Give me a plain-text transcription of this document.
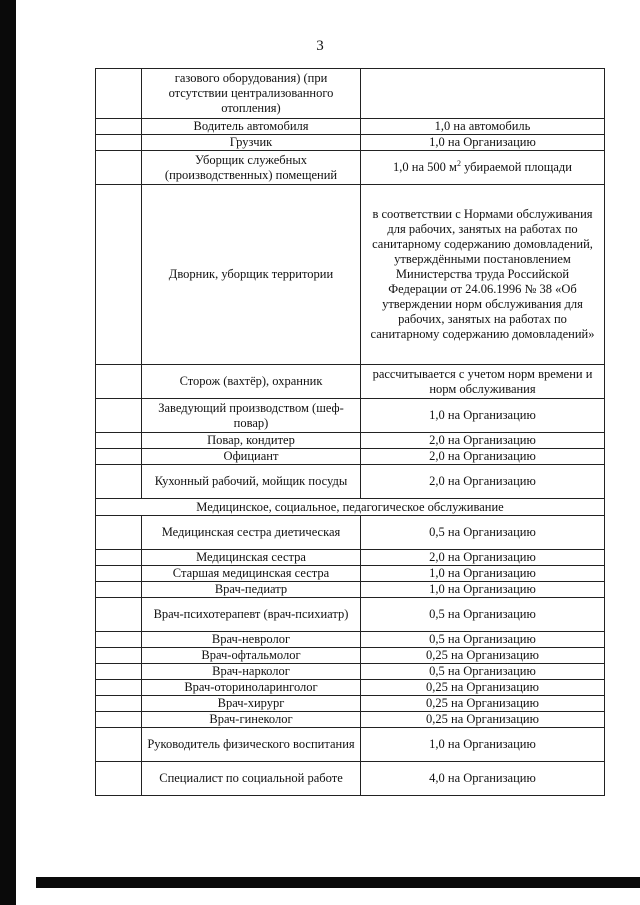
3
	газового оборудования) (при отсутствии централизованного отопления)	
	Водитель автомобиля	1,0 на автомобиль
	Грузчик	1,0 на Организацию
	Уборщик служебных (производственных) помещений	1,0 на 500 $м^2$ убираемой площади
	Дворник, уборщик территории	в соответствии с Нормами обслуживания для рабочих, занятых на работах по санитарному содержанию домовладений, утверждёнными постановлением Министерства труда Российской Федерации от 24.06.1996 № 38 «Об утверждении норм обслуживания для рабочих, занятых на работах по санитарному содержанию домовладений»
	Сторож (вахтёр), охранник	рассчитывается с учетом норм времени и норм обслуживания
	Заведующий производством (шеф-повар)	1,0 на Организацию
	Повар, кондитер	2,0 на Организацию
	Официант	2,0 на Организацию
	Кухонный рабочий, мойщик посуды	2,0 на Организацию
Медицинское, социальное, педагогическое обслуживание		
	Медицинская сестра диетическая	0,5 на Организацию
	Медицинская сестра	2,0 на Организацию
	Старшая медицинская сестра	1,0 на Организацию
	Врач-педиатр	1,0 на Организацию
	Врач-психотерапевт (врач-психиатр)	0,5 на Организацию
	Врач-невролог	0,5 на Организацию
	Врач-офтальмолог	0,25 на Организацию
	Врач-нарколог	0,5 на Организацию
	Врач-оториноларинголог	0,25 на Организацию
	Врач-хирург	0,25 на Организацию
	Врач-гинеколог	0,25 на Организацию
	Руководитель физического воспитания	1,0 на Организацию
	Специалист по социальной работе	4,0 на Организацию
